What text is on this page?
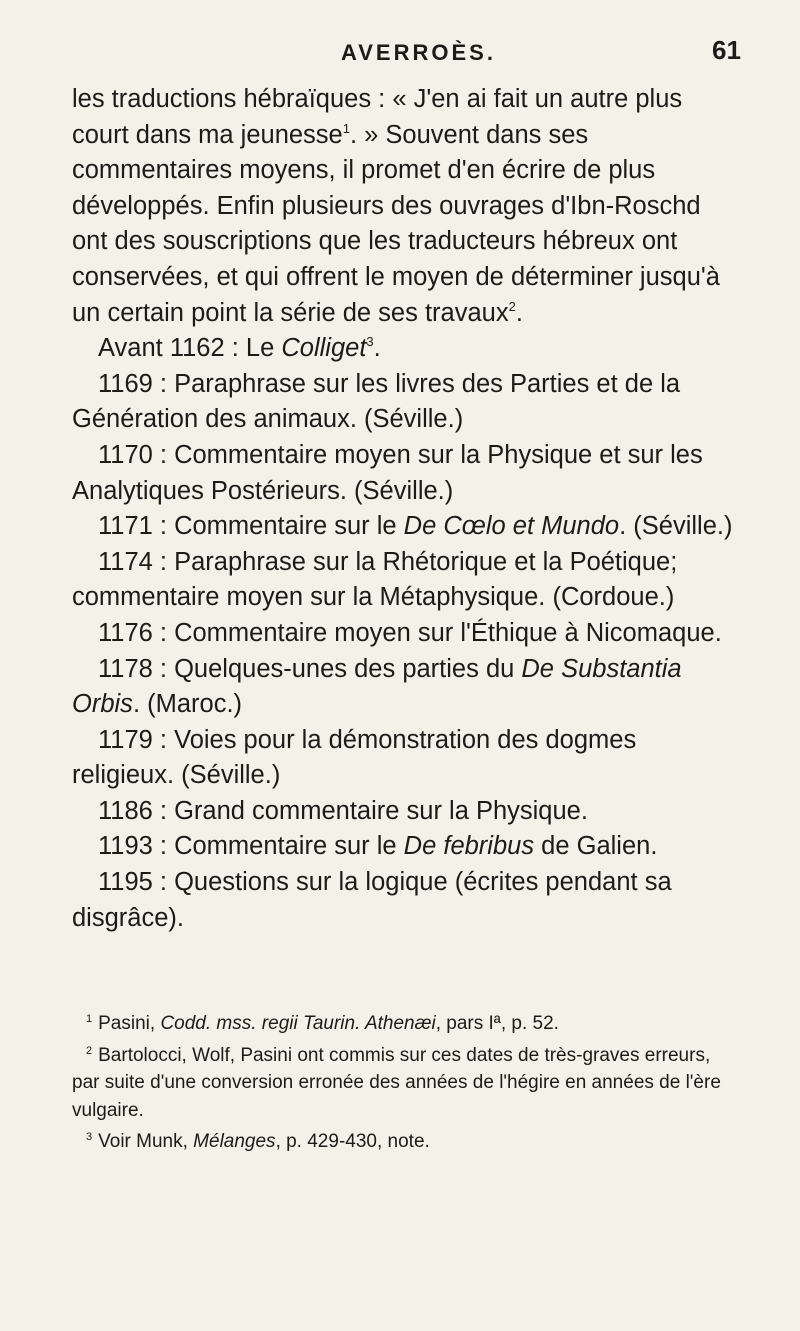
AVERROÈS.	61

les traductions hébraïques : « J'en ai fait un autre plus court dans ma jeunesse$^1$. » Souvent dans ses commentaires moyens, il promet d'en écrire de plus développés. Enfin plusieurs des ouvrages d'Ibn-Roschd ont des souscriptions que les traducteurs hébreux ont conservées, et qui offrent le moyen de déterminer jusqu'à un certain point la série de ses travaux$^2$.

Avant 1162 : Le Colliget$^3$.

1169 : Paraphrase sur les livres des Parties et de la Génération des animaux. (Séville.)

1170 : Commentaire moyen sur la Physique et sur les Analytiques Postérieurs. (Séville.)

1171 : Commentaire sur le De Cœlo et Mundo. (Séville.)

1174 : Paraphrase sur la Rhétorique et la Poétique; commentaire moyen sur la Métaphysique. (Cordoue.)

1176 : Commentaire moyen sur l'Éthique à Nicomaque.

1178 : Quelques-unes des parties du De Substantia Orbis. (Maroc.)

1179 : Voies pour la démonstration des dogmes religieux. (Séville.)

1186 : Grand commentaire sur la Physique.

1193 : Commentaire sur le De febribus de Galien.

1195 : Questions sur la logique (écrites pendant sa disgrâce).

$^1$ Pasini, Codd. mss. regii Taurin. Athenæi, pars Iª, p. 52.

$^2$ Bartolocci, Wolf, Pasini ont commis sur ces dates de très-graves erreurs, par suite d'une conversion erronée des années de l'hégire en années de l'ère vulgaire.

$^3$ Voir Munk, Mélanges, p. 429-430, note.
